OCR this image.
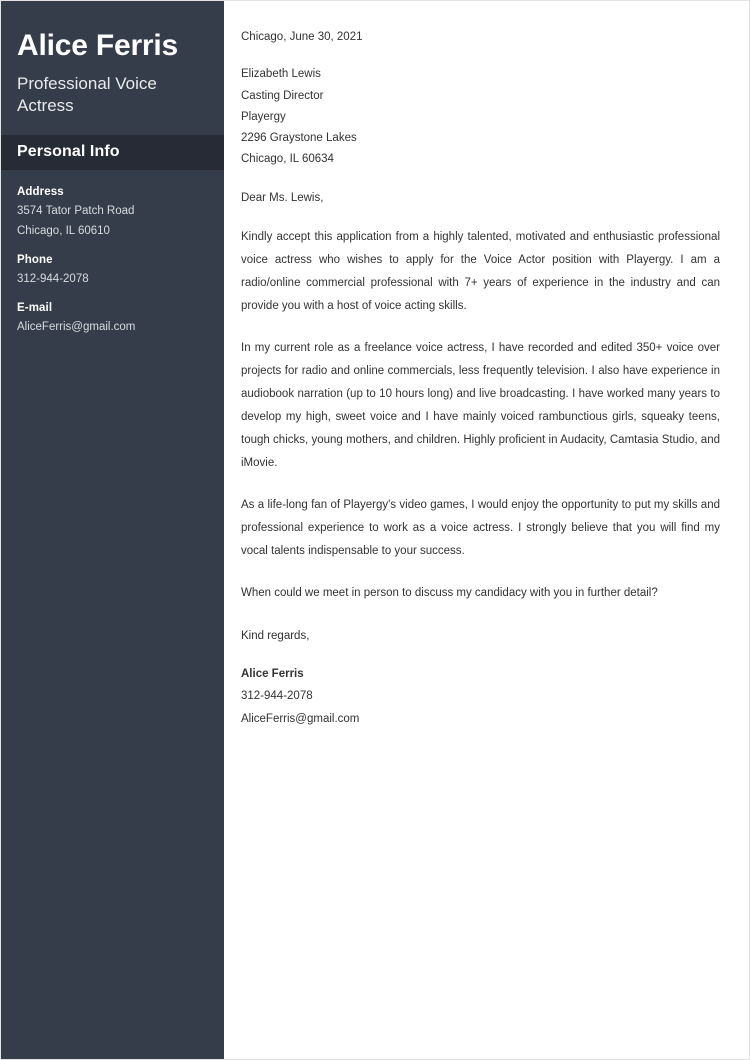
Alice Ferris

Professional Voice Actress

Personal Info

Address

3574 Tator Patch Road

Chicago, IL 60610

Phone

312-944-2078

E-mail

AliceFerris@gmail.com

Chicago, June 30, 2021

Elizabeth Lewis

Casting Director

Playergy

2296 Graystone Lakes

Chicago, IL 60634

Dear Ms. Lewis,

Kindly accept this application from a highly talented, motivated and enthusiastic professional voice actress who wishes to apply for the Voice Actor position with Playergy. I am a radio/online commercial professional with 7+ years of experience in the industry and can provide you with a host of voice acting skills.

In my current role as a freelance voice actress, I have recorded and edited 350+ voice over projects for radio and online commercials, less frequently television. I also have experience in audiobook narration (up to 10 hours long) and live broadcasting. I have worked many years to develop my high, sweet voice and I have mainly voiced rambunctious girls, squeaky teens, tough chicks, young mothers, and children. Highly proficient in Audacity, Camtasia Studio, and iMovie.

As a life-long fan of Playergy's video games, I would enjoy the opportunity to put my skills and professional experience to work as a voice actress. I strongly believe that you will find my vocal talents indispensable to your success.

When could we meet in person to discuss my candidacy with you in further detail?

Kind regards,

Alice Ferris

312-944-2078

AliceFerris@gmail.com
